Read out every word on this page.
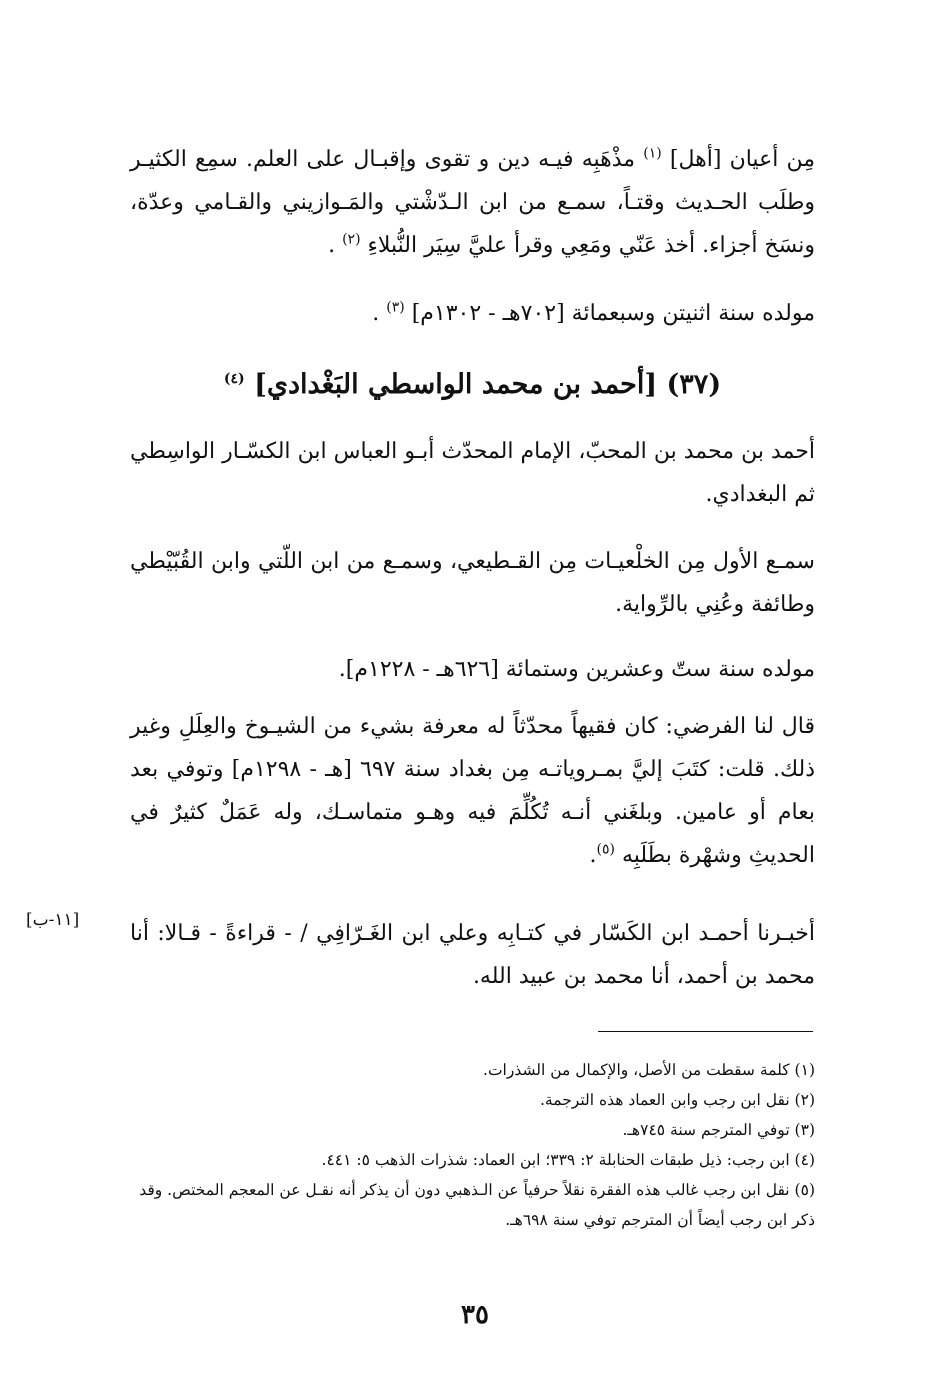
مِن أعيان [أهل] $^{(١)}$ مذْهَبِه فيـه دين و تقوى وإقبـال على العلم. سمِع الكثيـر وطلَب الحـديث وقتـاً، سمـع من ابن الـدّشْتي والمَـوازيني والقـامي وعدّة، ونسَخ أجزاء. أخذ عَنّي ومَعِي وقرأ عليَّ سِيَر النُّبلاءِ $^{(٢)}$ .
مولده سنة اثنيتن وسبعمائة [٧٠٢هـ - ١٣٠٢م] $^{(٣)}$ .
(٣٧) [أحمد بن محمد الواسطي البَغْدادي] $^{(٤)}$
أحمد بن محمد بن المحبّ، الإمام المحدّث أبـو العباس ابن الكسّـار الواسِطي ثم البغدادي.
سمـع الأول مِن الخلْعيـات مِن القـطيعي، وسمـع من ابن اللّتي وابن القُبّيْطي وطائفة وعُنِي بالرِّواية.
مولده سنة ستّ وعشرين وستمائة [٦٢٦هـ - ١٢٢٨م].
قال لنا الفرضي: كان فقيهاً محدّثاً له معرفة بشيء من الشيـوخ والعِلَلِ وغير ذلك. قلت: كتَبَ إليَّ بمـروياتـه مِن بغداد سنة ٦٩٧ [هـ - ١٢٩٨م] وتوفي بعد بعام أو عامين. وبلغَني أنـه تُكُلِّمَ فيه وهـو متماسـك، وله عَمَلٌ كثيرٌ في الحديثِ وشهْرة بطَلَبِه $^{(٥)}$.
أخبـرنا أحمـد ابن الكَسّار في كتـابِه وعلي ابن الغَـرّافِي / - قراءةً - قـالا: أنا محمد بن أحمد، أنا محمد بن عبيد الله.
[١١-ب]

(١) كلمة سقطت من الأصل، والإكمال من الشذرات.

(٢) نقل ابن رجب وابن العماد هذه الترجمة.

(٣) توفي المترجم سنة ٧٤٥هـ.

(٤) ابن رجب: ذيل طبقات الحنابلة ٢: ٣٣٩؛ ابن العماد: شذرات الذهب ٥: ٤٤١.

(٥) نقل ابن رجب غالب هذه الفقرة نقلاً حرفياً عن الـذهبي دون أن يذكر أنه نقـل عن المعجم المختص. وقد ذكر ابن رجب أيضاً أن المترجم توفي سنة ٦٩٨هـ.

٣٥
